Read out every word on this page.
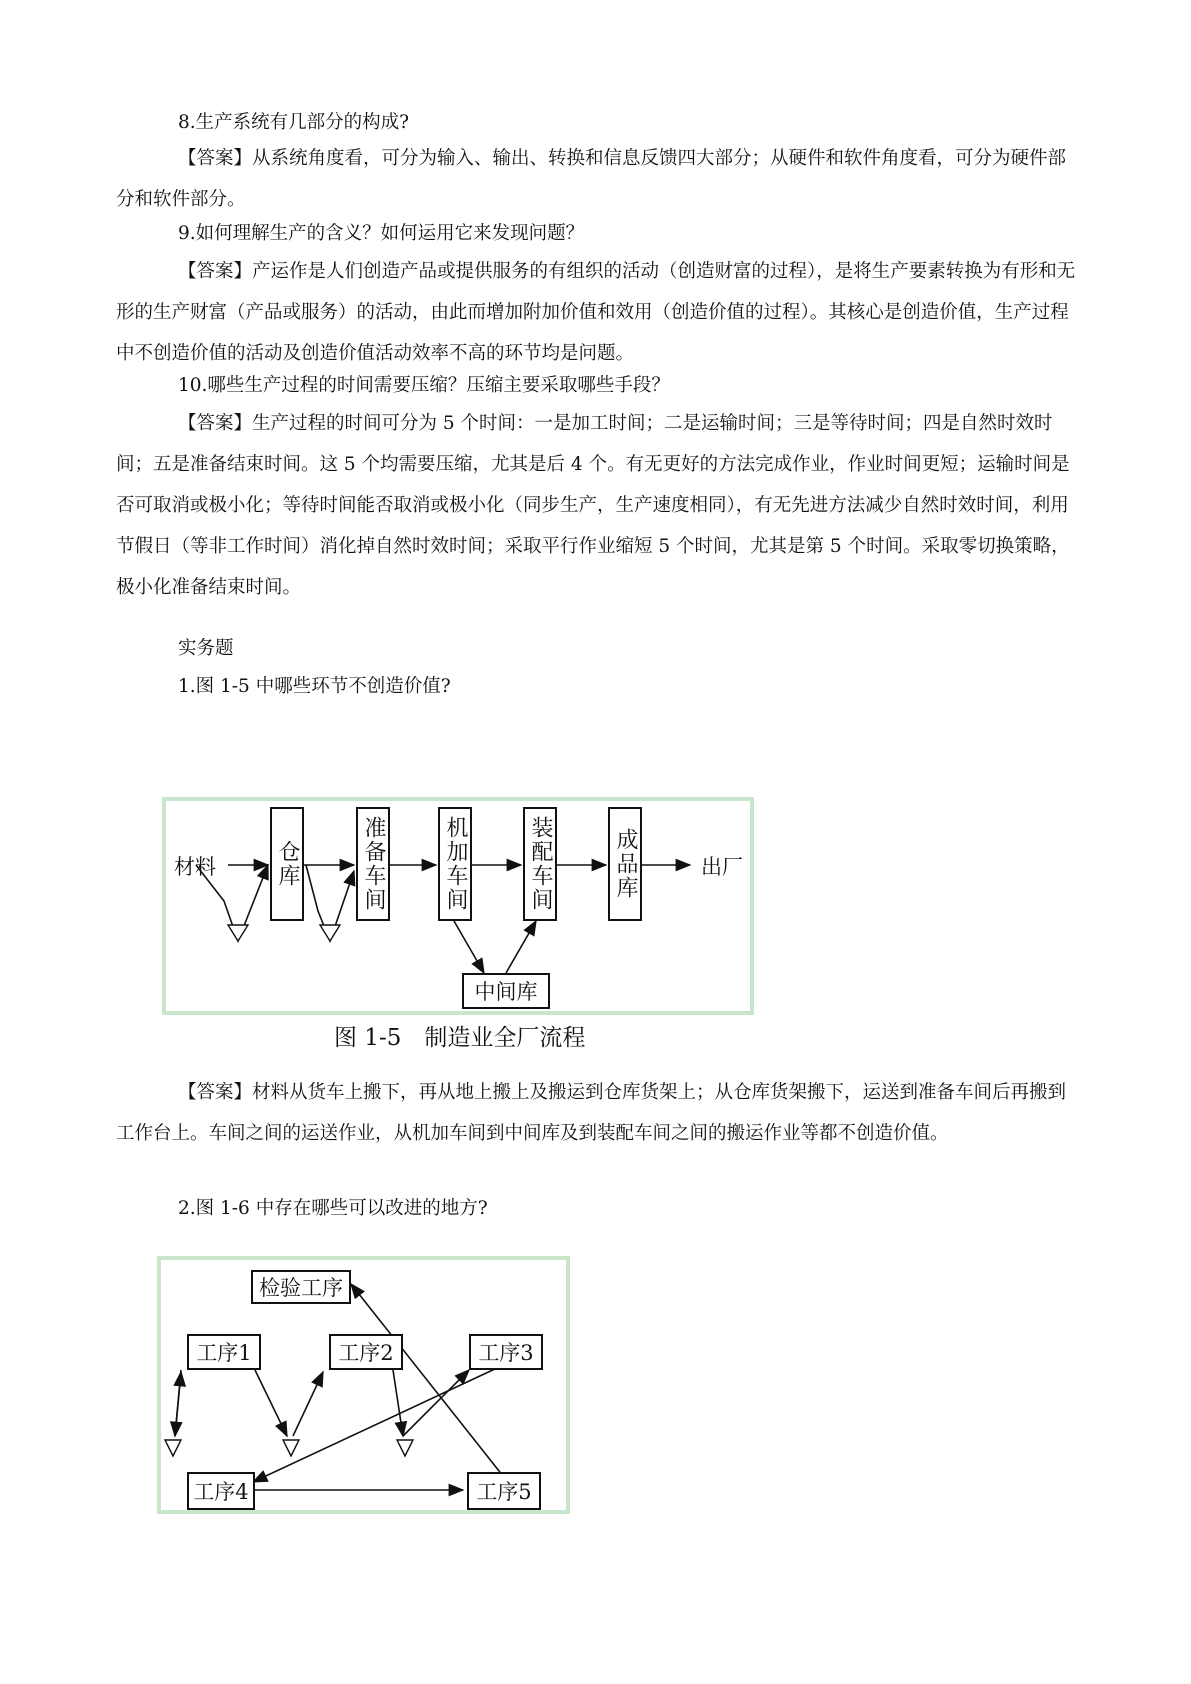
8.生产系统有几部分的构成?

【答案】从系统角度看，可分为输入、输出、转换和信息反馈四大部分；从硬件和软件角度看，可分为硬件部分和软件部分。

9.如何理解生产的含义？如何运用它来发现问题？

【答案】产运作是人们创造产品或提供服务的有组织的活动（创造财富的过程），是将生产要素转换为有形和无形的生产财富（产品或服务）的活动，由此而增加附加价值和效用（创造价值的过程）。其核心是创造价值，生产过程中不创造价值的活动及创造价值活动效率不高的环节均是问题。

10.哪些生产过程的时间需要压缩？压缩主要采取哪些手段？

【答案】生产过程的时间可分为 5 个时间：一是加工时间；二是运输时间；三是等待时间；四是自然时效时间；五是准备结束时间。这 5 个均需要压缩，尤其是后 4 个。有无更好的方法完成作业，作业时间更短；运输时间是否可取消或极小化；等待时间能否取消或极小化（同步生产，生产速度相同），有无先进方法减少自然时效时间，利用节假日（等非工作时间）消化掉自然时效时间；采取平行作业缩短 5 个时间，尤其是第 5 个时间。采取零切换策略，极小化准备结束时间。

实务题

1.图 1-5 中哪些环节不创造价值?

材料	仓库	准备车间	机加车间	装配车间	成品库	出厂
中间库
图 1-5　制造业全厂流程

【答案】材料从货车上搬下，再从地上搬上及搬运到仓库货架上；从仓库货架搬下，运送到准备车间后再搬到工作台上。车间之间的运送作业，从机加车间到中间库及到装配车间之间的搬运作业等都不创造价值。

2.图 1-6 中存在哪些可以改进的地方?

检验工序
工序1	工序2	工序3
工序4	工序5
